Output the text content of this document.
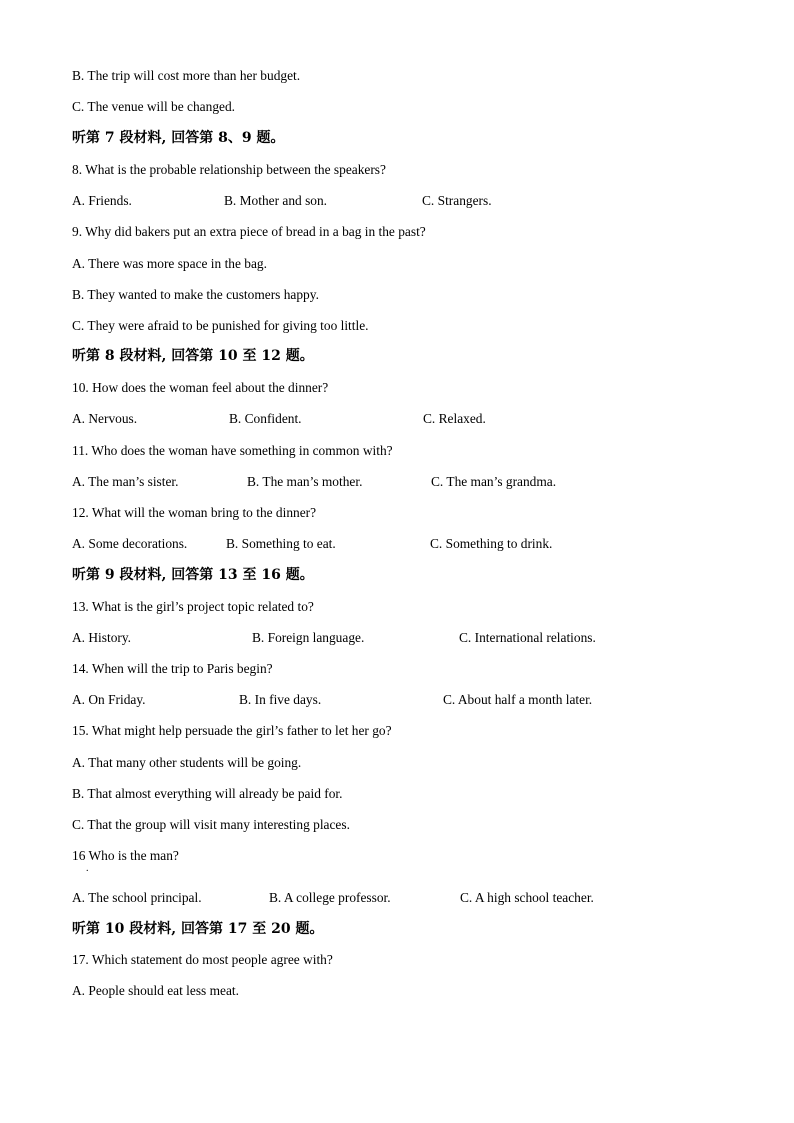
B. The trip will cost more than her budget.
C. The venue will be changed.
听第 7 段材料, 回答第 8、9 题。
8. What is the probable relationship between the speakers?
A. Friends.	B. Mother and son.	C. Strangers.
9. Why did bakers put an extra piece of bread in a bag in the past?
A. There was more space in the bag.
B. They wanted to make the customers happy.
C. They were afraid to be punished for giving too little.
听第 8 段材料, 回答第 10 至 12 题。
10. How does the woman feel about the dinner?
A. Nervous.	B. Confident.	C. Relaxed.
11. Who does the woman have something in common with?
A. The man’s sister.	B. The man’s mother.	C. The man’s grandma.
12. What will the woman bring to the dinner?
A. Some decorations.	B. Something to eat.	C. Something to drink.
听第 9 段材料, 回答第 13 至 16 题。
13. What is the girl’s project topic related to?
A. History.	B. Foreign language.	C. International relations.
14. When will the trip to Paris begin?
A. On Friday.	B. In five days.	C. About half a month later.
15. What might help persuade the girl’s father to let her go?
A. That many other students will be going.
B. That almost everything will already be paid for.
C. That the group will visit many interesting places.
16 Who is the man?
.
A. The school principal.	B. A college professor.	C. A high school teacher.
听第 10 段材料, 回答第 17 至 20 题。
17. Which statement do most people agree with?
A. People should eat less meat.
